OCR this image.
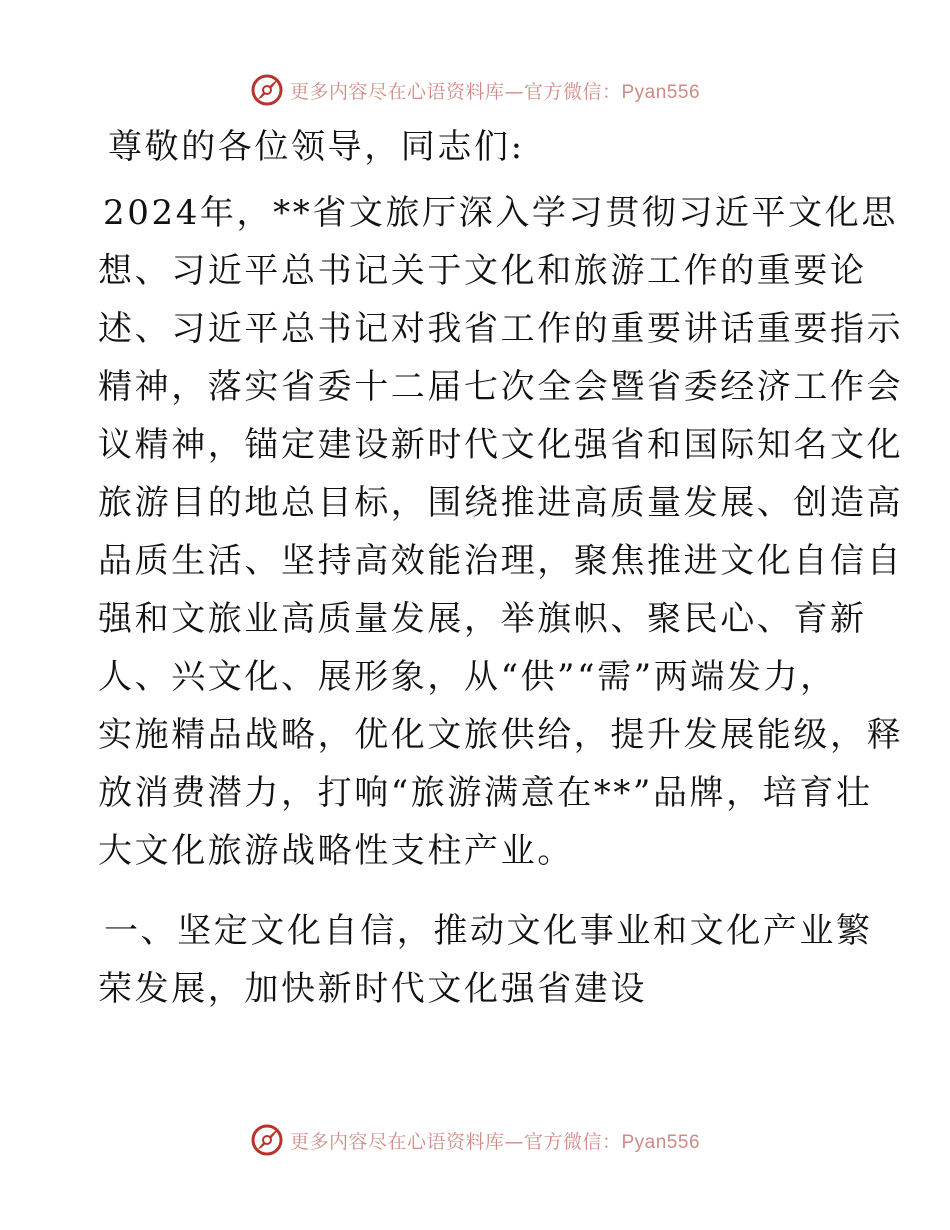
更多内容尽在心语资料库—官方微信：Pyan556
尊敬的各位领导，同志们:
2024年，**省文旅厅深入学习贯彻习近平文化思
想、习近平总书记关于文化和旅游工作的重要论
述、习近平总书记对我省工作的重要讲话重要指示
精神，落实省委十二届七次全会暨省委经济工作会
议精神，锚定建设新时代文化强省和国际知名文化
旅游目的地总目标，围绕推进高质量发展、创造高
品质生活、坚持高效能治理，聚焦推进文化自信自
强和文旅业高质量发展，举旗帜、聚民心、育新
人、兴文化、展形象，从“供”“需”两端发力，
实施精品战略，优化文旅供给，提升发展能级，释
放消费潜力，打响“旅游满意在**”品牌，培育壮
大文化旅游战略性支柱产业。
一、坚定文化自信，推动文化事业和文化产业繁
荣发展，加快新时代文化强省建设
更多内容尽在心语资料库—官方微信：Pyan556
